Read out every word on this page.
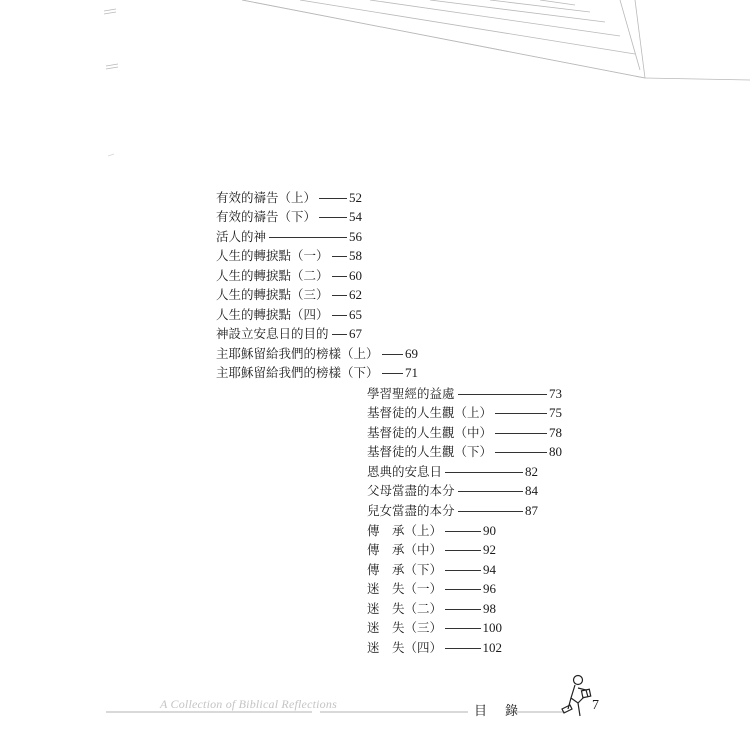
有效的禱告（上）	52
有效的禱告（下）	54
活人的神	56
人生的轉捩點（一） 58
人生的轉捩點（二） 60
人生的轉捩點（三） 62
人生的轉捩點（四） 65
神設立安息日的目的 67
主耶穌留給我們的榜樣（上） 69
主耶穌留給我們的榜樣（下） 71
學習聖經的益處	73
基督徒的人生觀（上）	75
基督徒的人生觀（中）	78
基督徒的人生觀（下）	80
恩典的安息日	82
父母當盡的本分	84
兒女當盡的本分	87
傳　承（上）	90
傳　承（中）	92
傳　承（下）	94
迷　失（一）	96
迷　失（二）	98
迷　失（三）	100
迷　失（四）	102
A Collection of Biblical Reflections	目錄	7
